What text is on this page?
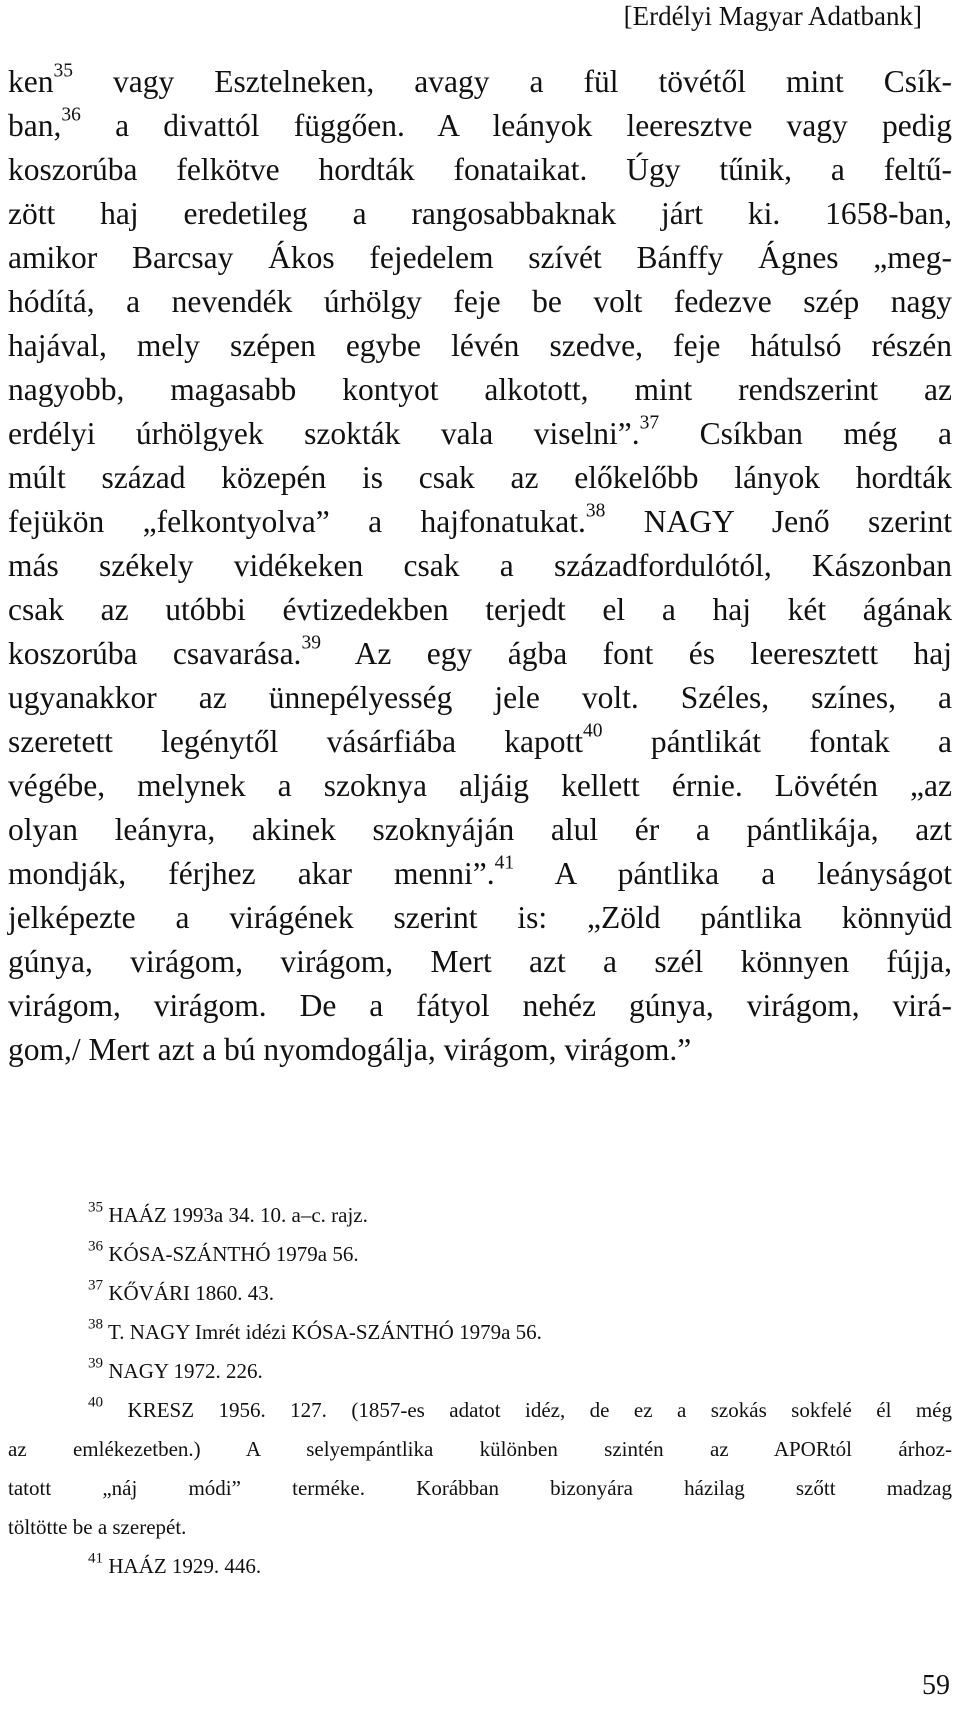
[Erdélyi Magyar Adatbank]
ken$^{35}$ vagy Esztelneken, avagy a fül tövétől mint Csík-
ban,$^{36}$ a divattól függően. A leányok leeresztve vagy pedig
koszorúba felkötve hordták fonataikat. Úgy tűnik, a feltű-
zött haj eredetileg a rangosabbaknak járt ki. 1658-ban,
amikor Barcsay Ákos fejedelem szívét Bánffy Ágnes „meg-
hódítá, a nevendék úrhölgy feje be volt fedezve szép nagy
hajával, mely szépen egybe lévén szedve, feje hátulsó részén
nagyobb, magasabb kontyot alkotott, mint rendszerint az
erdélyi úrhölgyek szokták vala viselni”.$^{37}$ Csíkban még a
múlt század közepén is csak az előkelőbb lányok hordták
fejükön „felkontyolva” a hajfonatukat.$^{38}$ NAGY Jenő szerint
más székely vidékeken csak a századfordulótól, Kászonban
csak az utóbbi évtizedekben terjedt el a haj két ágának
koszorúba csavarása.$^{39}$ Az egy ágba font és leeresztett haj
ugyanakkor az ünnepélyesség jele volt. Széles, színes, a
szeretett legénytől vásárfiába kapott$^{40}$ pántlikát fontak a
végébe, melynek a szoknya aljáig kellett érnie. Lövétén „az
olyan leányra, akinek szoknyáján alul ér a pántlikája, azt
mondják, férjhez akar menni”.$^{41}$ A pántlika a leányságot
jelképezte a virágének szerint is: „Zöld pántlika könnyüd
gúnya, virágom, virágom, Mert azt a szél könnyen fújja,
virágom, virágom. De a fátyol nehéz gúnya, virágom, virá-
gom,/ Mert azt a bú nyomdogálja, virágom, virágom.”
$^{35}$ HAÁZ 1993a 34. 10. a–c. rajz.
$^{36}$ KÓSA-SZÁNTHÓ 1979a 56.
$^{37}$ KŐVÁRI 1860. 43.
$^{38}$ T. NAGY Imrét idézi KÓSA-SZÁNTHÓ 1979a 56.
$^{39}$ NAGY 1972. 226.
$^{40}$ KRESZ 1956. 127. (1857-es adatot idéz, de ez a szokás sokfelé él még
az emlékezetben.) A selyempántlika különben szintén az APORtól árhoz-
tatott „náj módi” terméke. Korábban bizonyára házilag szőtt madzag
töltötte be a szerepét.
$^{41}$ HAÁZ 1929. 446.
59
